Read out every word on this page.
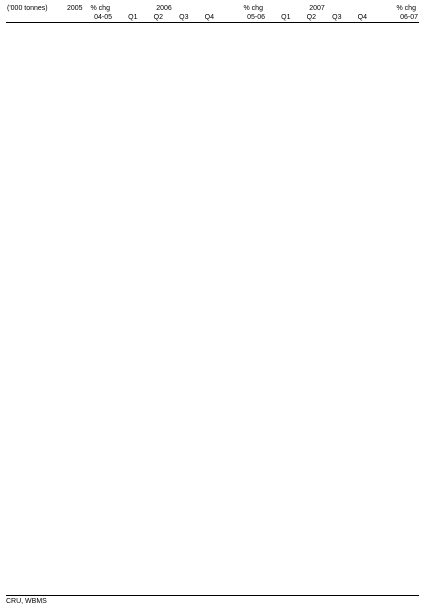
('000 tonnes)	2005	% chg	2006					% chg	2007					% chg
		04-05	Q1	Q2	Q3	Q4		05-06	Q1	Q2	Q3	Q4		06-07

CRU, WBMS
